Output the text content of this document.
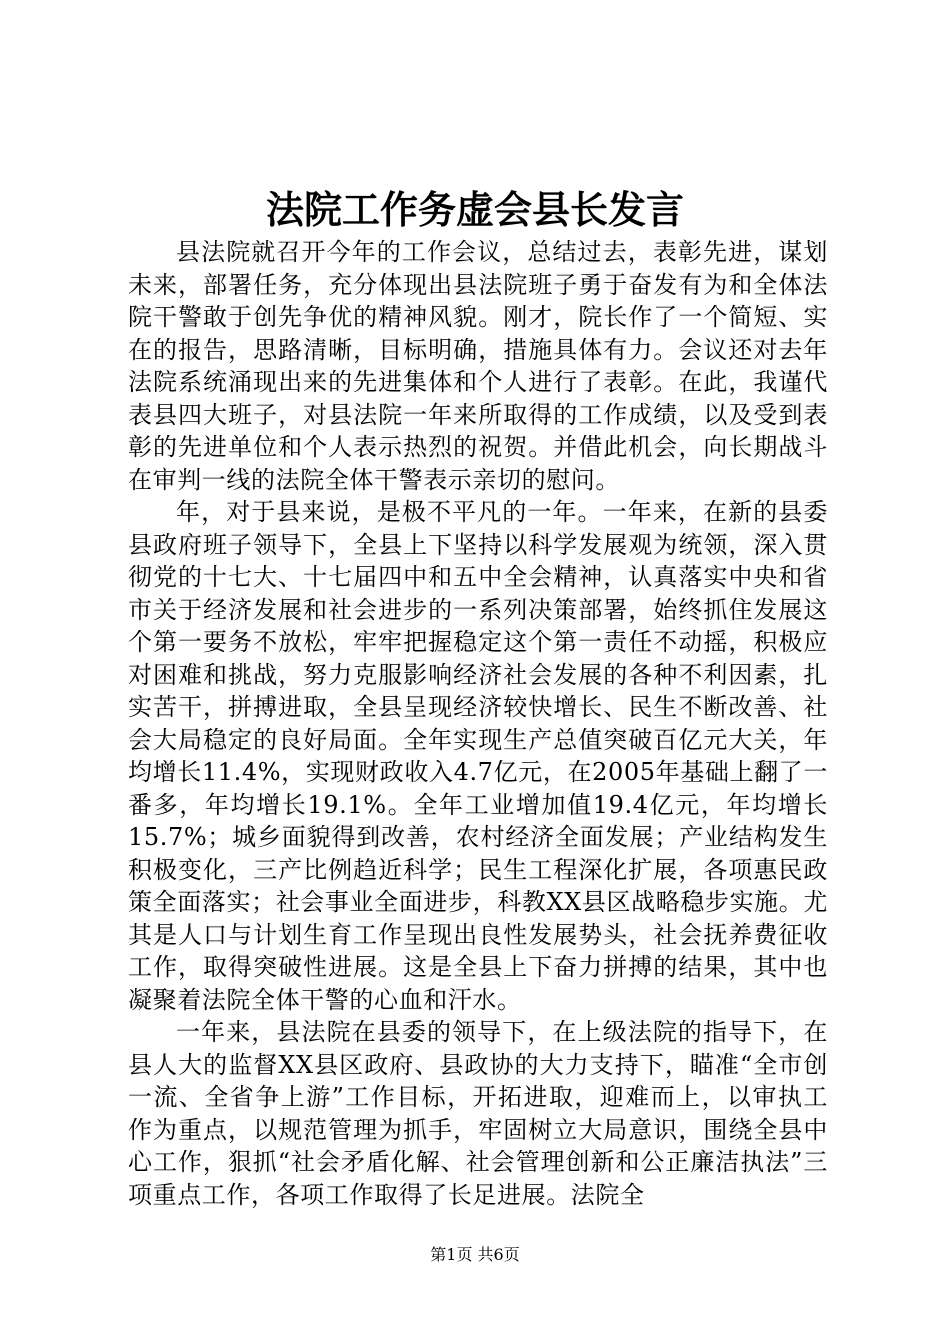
法院工作务虚会县长发言

县法院就召开今年的工作会议，总结过去，表彰先进，谋划未来，部署任务，充分体现出县法院班子勇于奋发有为和全体法院干警敢于创先争优的精神风貌。刚才，院长作了一个简短、实在的报告，思路清晰，目标明确，措施具体有力。会议还对去年法院系统涌现出来的先进集体和个人进行了表彰。在此，我谨代表县四大班子，对县法院一年来所取得的工作成绩，以及受到表彰的先进单位和个人表示热烈的祝贺。并借此机会，向长期战斗在审判一线的法院全体干警表示亲切的慰问。

年，对于县来说，是极不平凡的一年。一年来，在新的县委县政府班子领导下，全县上下坚持以科学发展观为统领，深入贯彻党的十七大、十七届四中和五中全会精神，认真落实中央和省市关于经济发展和社会进步的一系列决策部署，始终抓住发展这个第一要务不放松，牢牢把握稳定这个第一责任不动摇，积极应对困难和挑战，努力克服影响经济社会发展的各种不利因素，扎实苦干，拼搏进取，全县呈现经济较快增长、民生不断改善、社会大局稳定的良好局面。全年实现生产总值突破百亿元大关，年均增长11.4%，实现财政收入4.7亿元，在2005年基础上翻了一番多，年均增长19.1%。全年工业增加值19.4亿元，年均增长15.7%；城乡面貌得到改善，农村经济全面发展；产业结构发生积极变化，三产比例趋近科学；民生工程深化扩展，各项惠民政策全面落实；社会事业全面进步，科教XX县区战略稳步实施。尤其是人口与计划生育工作呈现出良性发展势头，社会抚养费征收工作，取得突破性进展。这是全县上下奋力拼搏的结果，其中也凝聚着法院全体干警的心血和汗水。

一年来，县法院在县委的领导下，在上级法院的指导下，在县人大的监督XX县区政府、县政协的大力支持下，瞄准“全市创一流、全省争上游”工作目标，开拓进取，迎难而上，以审执工作为重点，以规范管理为抓手，牢固树立大局意识，围绕全县中心工作，狠抓“社会矛盾化解、社会管理创新和公正廉洁执法”三项重点工作，各项工作取得了长足进展。法院全

第1页 共6页
